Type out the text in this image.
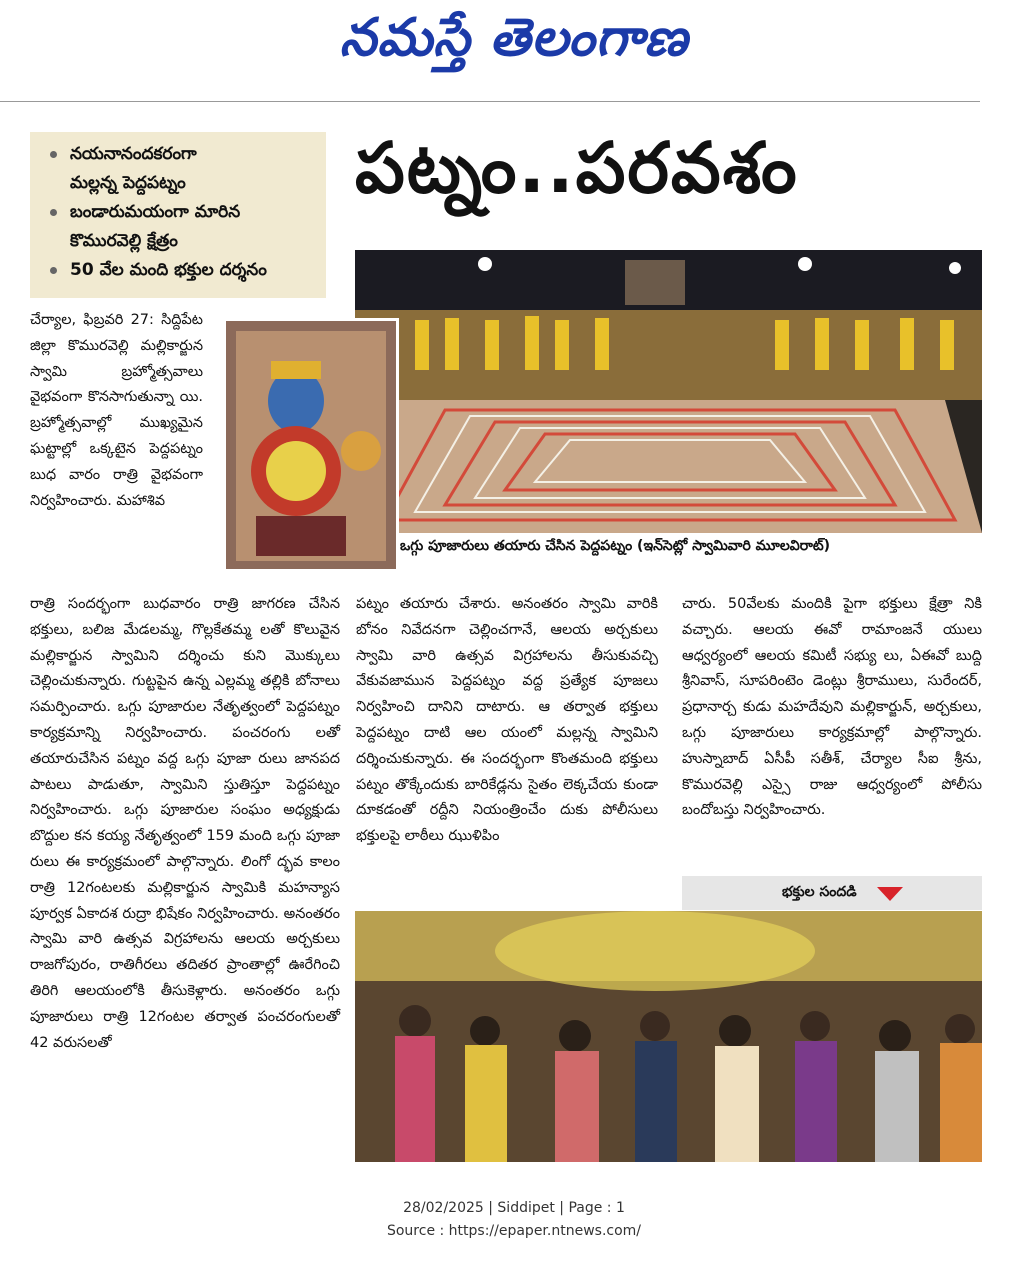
నమస్తే తెలంగాణ
నయనానందకరంగా
మల్లన్న పెద్దపట్నం
బండారుమయంగా మారిన
కొమురవెల్లి క్షేత్రం
50 వేల మంది భక్తుల దర్శనం
పట్నం..పరవశం
ఒగ్గు పూజారులు తయారు చేసిన పెద్దపట్నం (ఇన్‌సెట్లో స్వామివారి మూలవిరాట్)

చేర్యాల, ఫిబ్రవరి 27: సిద్దిపేట జిల్లా కొమురవెల్లి మల్లికార్జున స్వామి బ్రహ్మోత్సవాలు వైభవంగా కొనసాగుతున్నా యి. బ్రహ్మోత్సవాల్లో ముఖ్యమైన ఘట్టాల్లో ఒక్కటైన పెద్దపట్నం బుధ వారం రాత్రి వైభవంగా నిర్వహించారు. మహాశివ

రాత్రి సందర్భంగా బుధవారం రాత్రి జాగరణ చేసిన భక్తులు, బలిజ మేడలమ్మ, గొల్లకేతమ్మ లతో కొలువైన మల్లికార్జున స్వామిని దర్శించు కుని మొక్కులు చెల్లించుకున్నారు. గుట్టపైన ఉన్న ఎల్లమ్మ తల్లికి బోనాలు సమర్పించారు. ఒగ్గు పూజారుల నేతృత్వంలో పెద్దపట్నం కార్యక్రమాన్ని నిర్వహించారు. పంచరంగు లతో తయారుచేసిన పట్నం వద్ద ఒగ్గు పూజా రులు జానపద పాటలు పాడుతూ, స్వామిని స్తుతిస్తూ పెద్దపట్నం నిర్వహించారు. ఒగ్గు పూజారుల సంఘం అధ్యక్షుడు బొద్దుల కన కయ్య నేతృత్వంలో 159 మంది ఒగ్గు పూజా రులు ఈ కార్యక్రమంలో పాల్గొన్నారు. లింగో ద్భవ కాలం రాత్రి 12గంటలకు మల్లికార్జున స్వామికి మహన్యాస పూర్వక ఏకాదశ రుద్రా భిషేకం నిర్వహించారు. అనంతరం స్వామి వారి ఉత్సవ విగ్రహాలను ఆలయ అర్చకులు రాజగోపురం, రాతిగీరలు తదితర ప్రాంతాల్లో ఊరేగించి తిరిగి ఆలయంలోకి తీసుకెళ్లారు. అనంతరం ఒగ్గు పూజారులు రాత్రి 12గంటల తర్వాత పంచరంగులతో 42 వరుసలతో

పట్నం తయారు చేశారు. అనంతరం స్వామి వారికి బోనం నివేదనగా చెల్లించగానే, ఆలయ అర్చకులు స్వామి వారి ఉత్సవ విగ్రహాలను తీసుకువచ్చి వేకువజామున పెద్దపట్నం వద్ద ప్రత్యేక పూజలు నిర్వహించి దానిని దాటారు. ఆ తర్వాత భక్తులు పెద్దపట్నం దాటి ఆల యంలో మల్లన్న స్వామిని దర్శించుకున్నారు. ఈ సందర్భంగా కొంతమంది భక్తులు పట్నం తొక్కేందుకు బారికేడ్లను సైతం లెక్కచేయ కుండా దూకడంతో రద్దీని నియంత్రించేం దుకు పోలీసులు భక్తులపై లాఠీలు ఝుళిపిం

చారు. 50వేలకు మందికి పైగా భక్తులు క్షేత్రా నికి వచ్చారు. ఆలయ ఈవో రామాంజనే యులు ఆధ్వర్యంలో ఆలయ కమిటీ సభ్యు లు, ఏఈవో బుద్ది శ్రీనివాస్, సూపరింటెం డెంట్లు శ్రీరాములు, సురేందర్, ప్రధానార్చ కుడు మహదేవుని మల్లికార్జున్, అర్చకులు, ఒగ్గు పూజారులు కార్యక్రమాల్లో పాల్గొన్నారు. హుస్నాబాద్ ఏసీపీ సతీశ్, చేర్యాల సీఐ శ్రీను, కొమురవెల్లి ఎస్సై రాజు ఆధ్వర్యంలో పోలీసు బందోబస్తు నిర్వహించారు.

భక్తుల సందడి
28/02/2025 | Siddipet | Page : 1
Source : https://epaper.ntnews.com/
